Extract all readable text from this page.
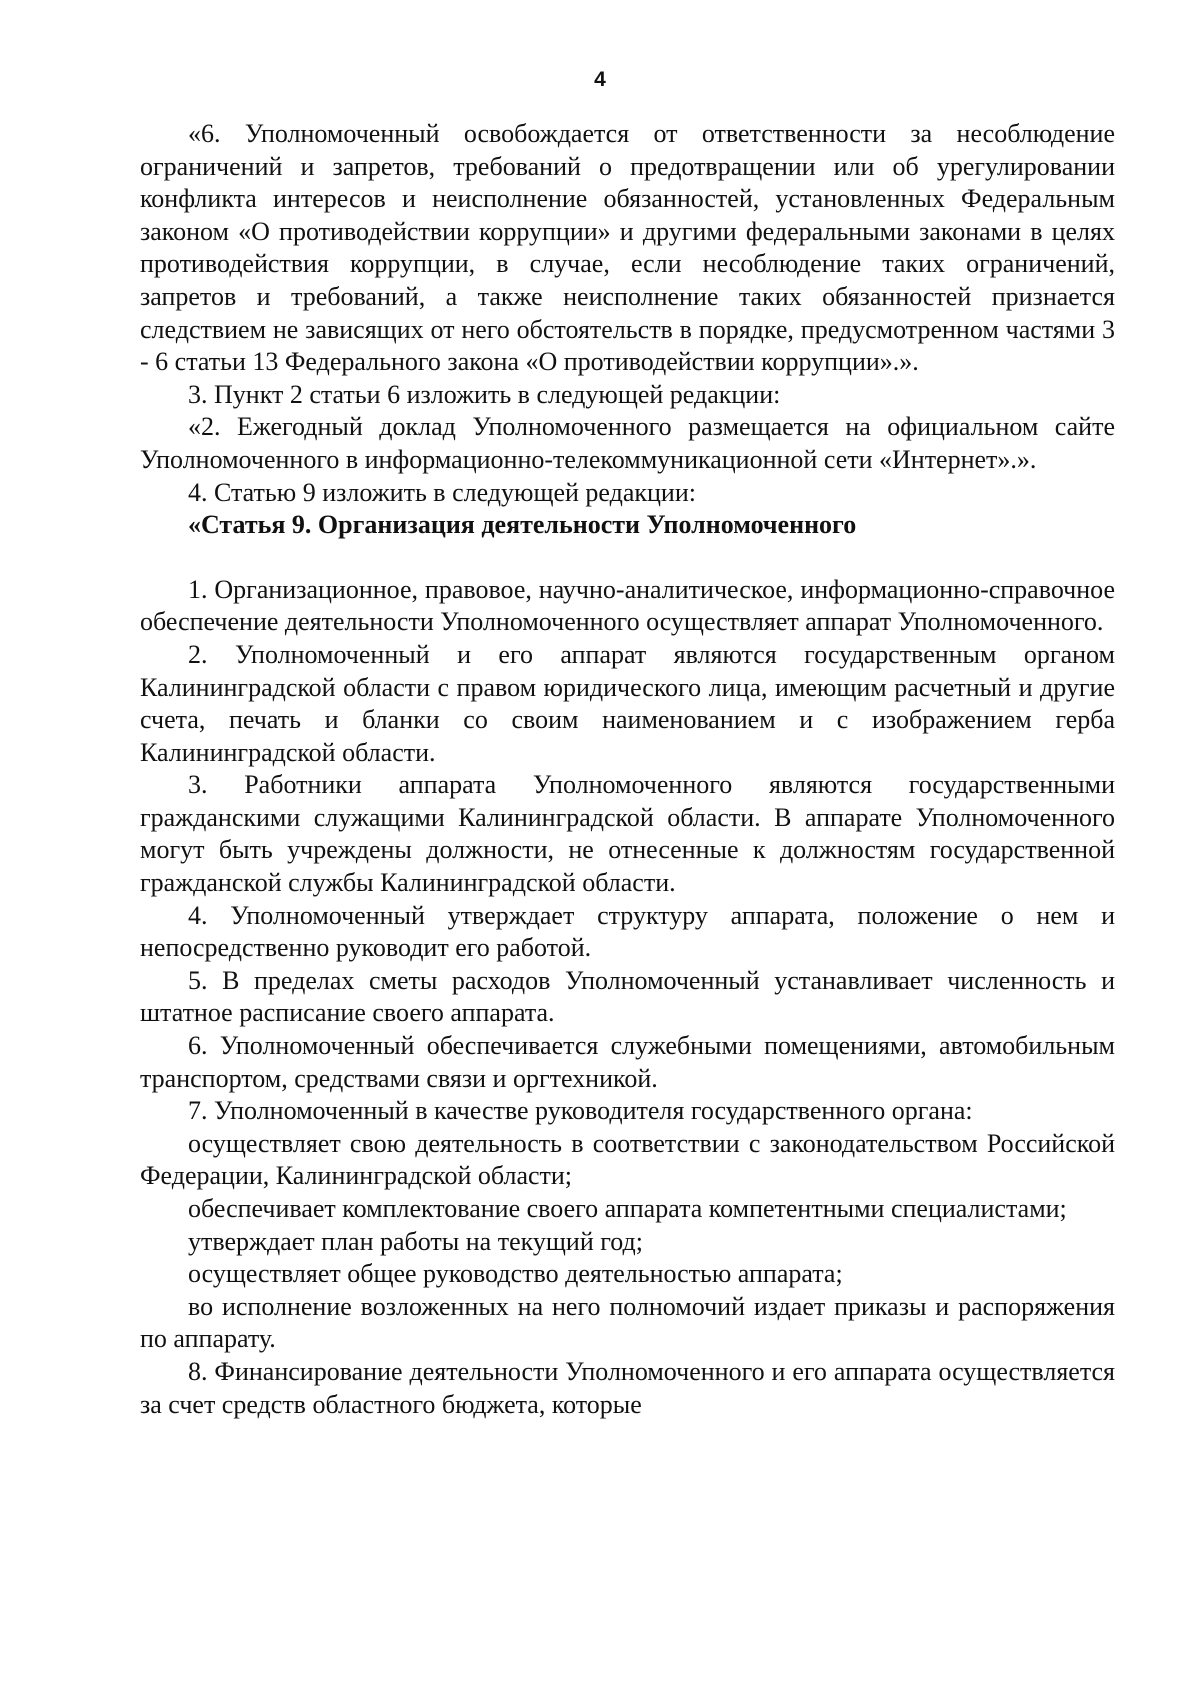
4

«6. Уполномоченный освобождается от ответственности за несоблюдение ограничений и запретов, требований о предотвращении или об урегулировании конфликта интересов и неисполнение обязанностей, установленных Федеральным законом «О противодействии коррупции» и другими федеральными законами в целях противодействия коррупции, в случае, если несоблюдение таких ограничений, запретов и требований, а также неисполнение таких обязанностей признается следствием не зависящих от него обстоятельств в порядке, предусмотренном частями 3 - 6 статьи 13 Федерального закона «О противодействии коррупции».».

3. Пункт 2 статьи 6 изложить в следующей редакции:

«2. Ежегодный доклад Уполномоченного размещается на официальном сайте Уполномоченного в информационно-телекоммуникационной сети «Интернет».».

4. Статью 9 изложить в следующей редакции:

«Статья 9. Организация деятельности Уполномоченного

1. Организационное, правовое, научно-аналитическое, информационно-справочное обеспечение деятельности Уполномоченного осуществляет аппарат Уполномоченного.

2. Уполномоченный и его аппарат являются государственным органом Калининградской области с правом юридического лица, имеющим расчетный и другие счета, печать и бланки со своим наименованием и с изображением герба Калининградской области.

3. Работники аппарата Уполномоченного являются государственными гражданскими служащими Калининградской области. В аппарате Уполномоченного могут быть учреждены должности, не отнесенные к должностям государственной гражданской службы Калининградской области.

4. Уполномоченный утверждает структуру аппарата, положение о нем и непосредственно руководит его работой.

5. В пределах сметы расходов Уполномоченный устанавливает численность и штатное расписание своего аппарата.

6. Уполномоченный обеспечивается служебными помещениями, автомобильным транспортом, средствами связи и оргтехникой.

7. Уполномоченный в качестве руководителя государственного органа:

осуществляет свою деятельность в соответствии с законодательством Российской Федерации, Калининградской области;

обеспечивает комплектование своего аппарата компетентными специалистами;

утверждает план работы на текущий год;

осуществляет общее руководство деятельностью аппарата;

во исполнение возложенных на него полномочий издает приказы и распоряжения по аппарату.

8. Финансирование деятельности Уполномоченного и его аппарата осуществляется за счет средств областного бюджета, которые
